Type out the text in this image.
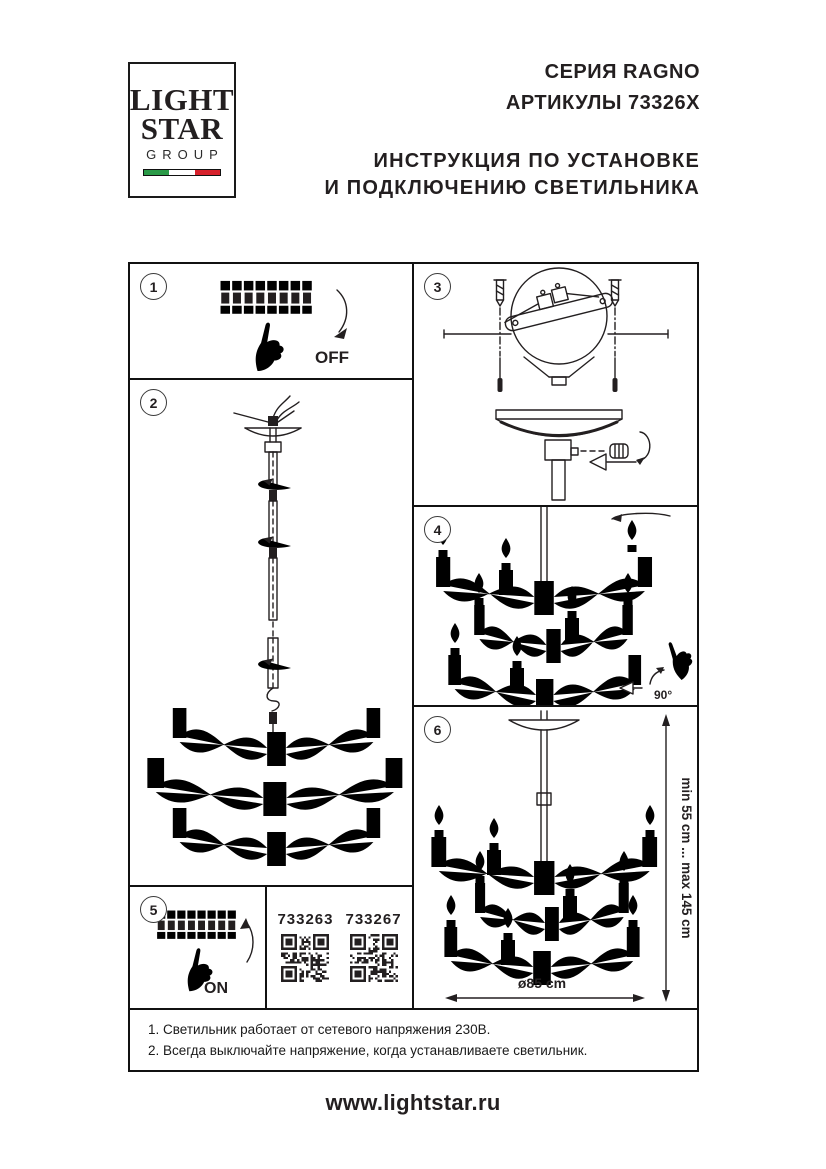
LIGHT
STAR
GROUP
СЕРИЯ RAGNO
АРТИКУЛЫ 73326X
ИНСТРУКЦИЯ ПО УСТАНОВКЕ
И ПОДКЛЮЧЕНИЮ СВЕТИЛЬНИКА
1
OFF
2
5
ON
733263 733267
3
4
90°
6
min 55 cm ... max 145 cm
ø85 cm
1. Светильник работает от сетевого напряжения 230В.
2. Всегда выключайте напряжение, когда устанавливаете светильник.
www.lightstar.ru
